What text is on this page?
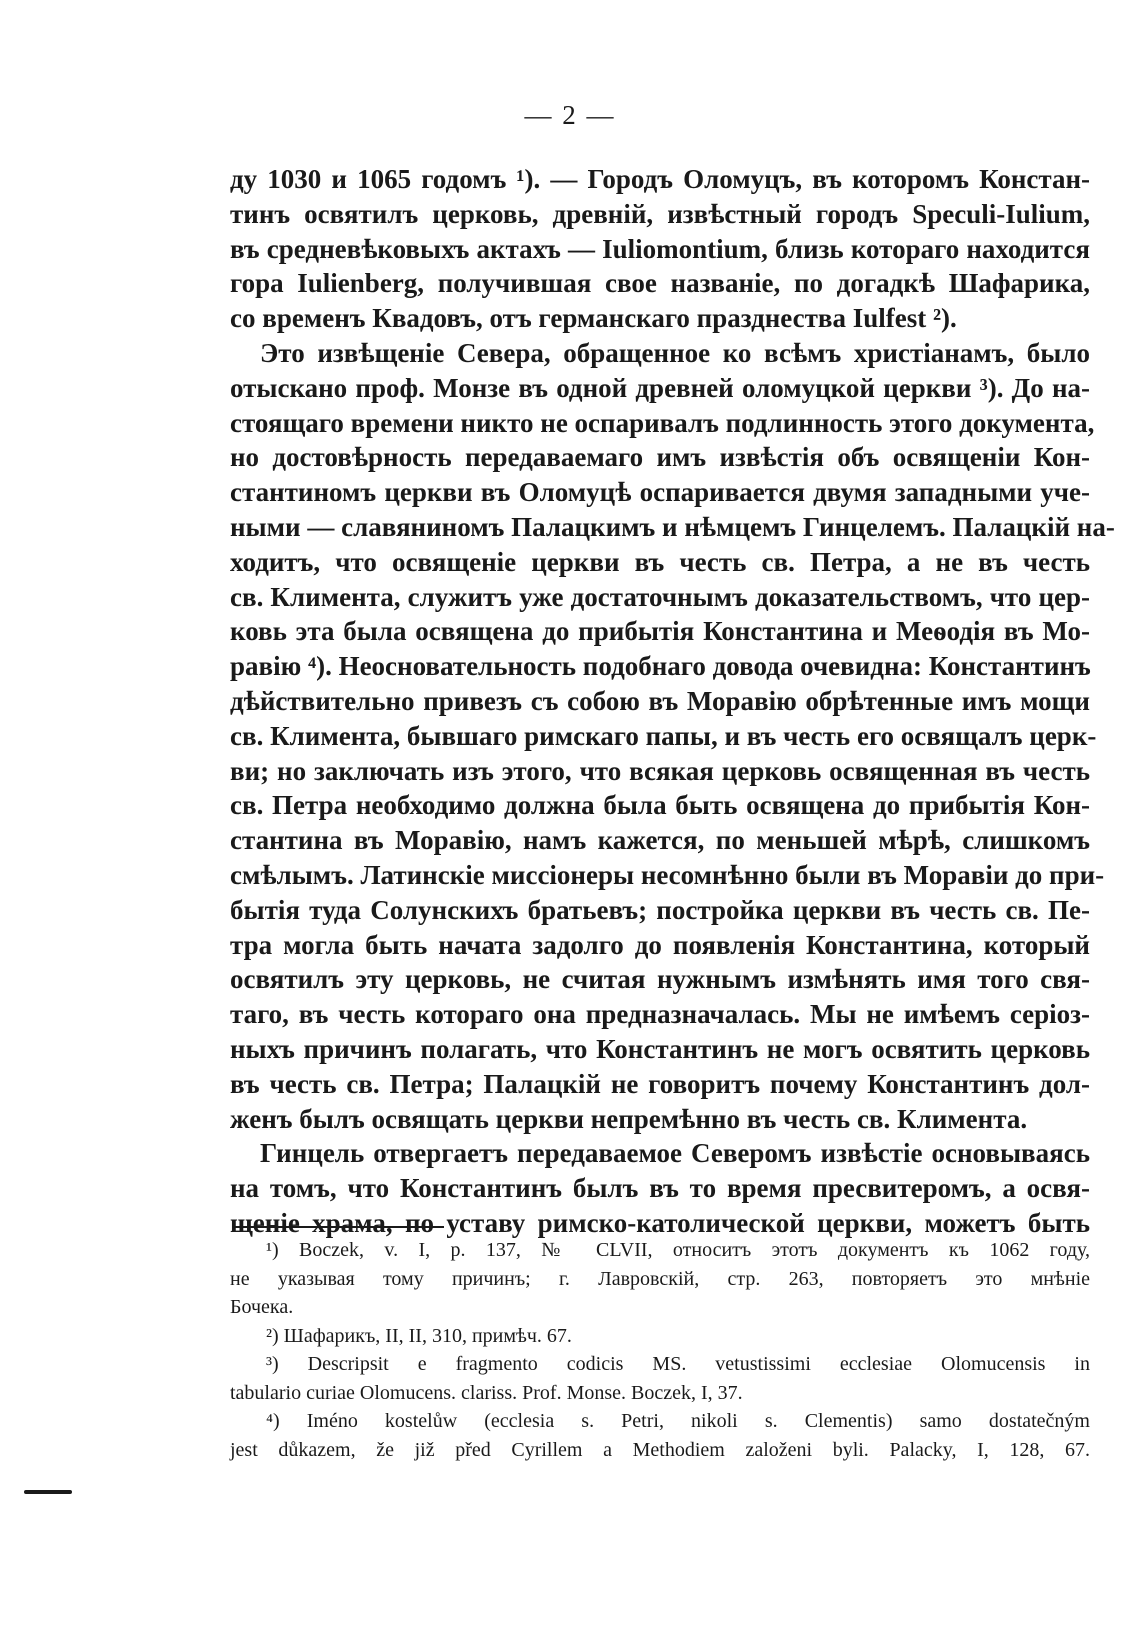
— 2 —
ду 1030 и 1065 годомъ ¹). — Городъ Оломуцъ, въ которомъ Констан-
тинъ освятилъ церковь, древній, извѣстный городъ Speculi-Iulium,
въ средневѣковыхъ актахъ — Iuliomontium, близь котораго находится
гора Iulienberg, получившая свое названіе, по догадкѣ Шафарика,
со временъ Квадовъ, отъ германскаго празднества Iulfest ²).
Это извѣщеніе Севера, обращенное ко всѣмъ христіанамъ, было
отыскано проф. Монзе въ одной древней оломуцкой церкви ³). До на-
стоящаго времени никто не оспаривалъ подлинность этого документа,
но достовѣрность передаваемаго имъ извѣстія объ освященіи Кон-
стантиномъ церкви въ Оломуцѣ оспаривается двумя западными уче-
ными — славяниномъ Палацкимъ и нѣмцемъ Гинцелемъ. Палацкій на-
ходитъ, что освященіе церкви въ честь св. Петра, а не въ честь
св. Климента, служитъ уже достаточнымъ доказательствомъ, что цер-
ковь эта была освящена до прибытія Константина и Меѳодія въ Мо-
равію ⁴). Неосновательность подобнаго довода очевидна: Константинъ
дѣйствительно привезъ съ собою въ Моравію обрѣтенные имъ мощи
св. Климента, бывшаго римскаго папы, и въ честь его освящалъ церк-
ви; но заключать изъ этого, что всякая церковь освященная въ честь
св. Петра необходимо должна была быть освящена до прибытія Кон-
стантина въ Моравію, намъ кажется, по меньшей мѣрѣ, слишкомъ
смѣлымъ. Латинскіе миссіонеры несомнѣнно были въ Моравіи до при-
бытія туда Солунскихъ братьевъ; постройка церкви въ честь св. Пе-
тра могла быть начата задолго до появленія Константина, который
освятилъ эту церковь, не считая нужнымъ измѣнять имя того свя-
таго, въ честь котораго она предназначалась. Мы не имѣемъ серіоз-
ныхъ причинъ полагать, что Константинъ не могъ освятить церковь
въ честь св. Петра; Палацкій не говоритъ почему Константинъ дол-
женъ былъ освящать церкви непремѣнно въ честь св. Климента.
Гинцель отвергаетъ передаваемое Северомъ извѣстіе основываясь
на томъ, что Константинъ былъ въ то время пресвитеромъ, а освя-
щеніе храма, по уставу римско-католической церкви, можетъ быть
¹) Boczek, v. I, p. 137, № CLVII, относитъ этотъ документъ къ 1062 году,
не указывая тому причинъ; г. Лавровскій, стр. 263, повторяетъ это мнѣніе
Бочека.
²) Шафарикъ, II, II, 310, примѣч. 67.
³) Descripsit e fragmento codicis MS. vetustissimi ecclesiae Olomucensis in
tabulario curiae Olomucens. clariss. Prof. Monse. Boczek, I, 37.
⁴) Iméno kostelůw (ecclesia s. Petri, nikoli s. Clementis) samo dostatečným
jest důkazem, že již před Cyrillem a Methodiem založeni byli. Palacky, I, 128, 67.
